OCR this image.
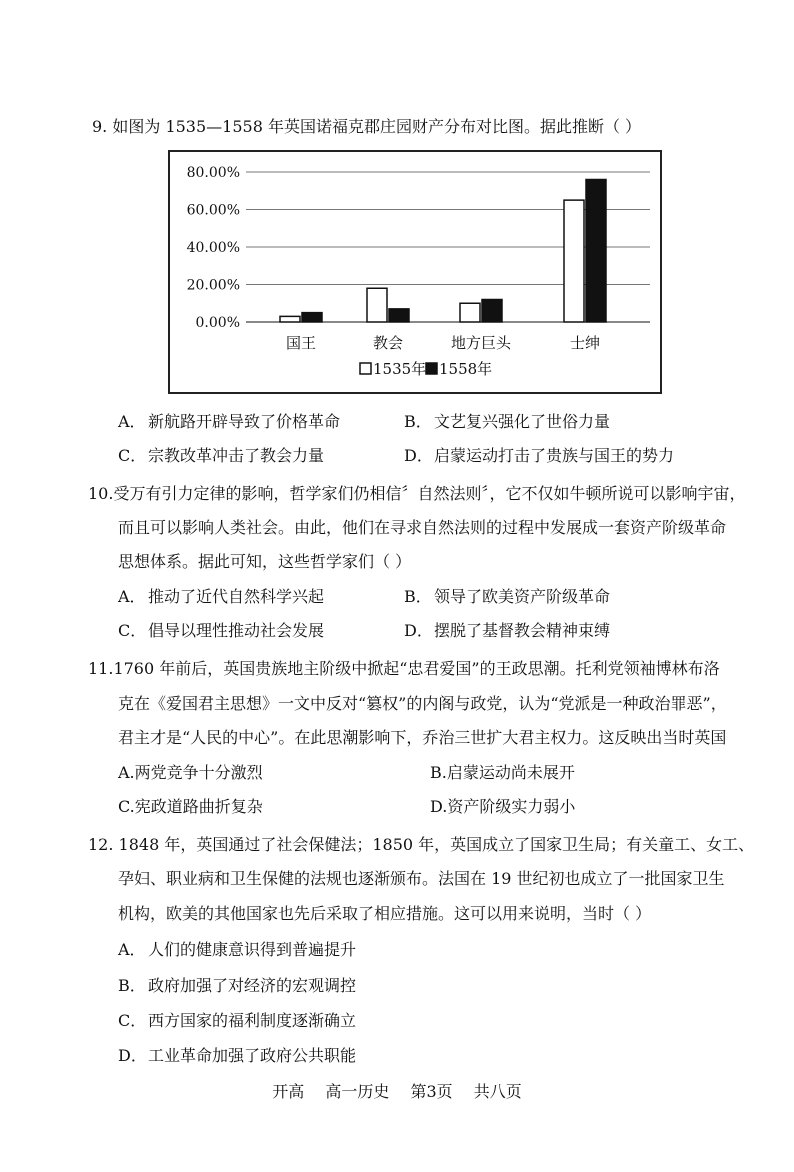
9. 如图为 1535—1558 年英国诺福克郡庄园财产分布对比图。据此推断（ ）
0.00%
20.00%
40.00%
60.00%
80.00%
国王	教会	地方巨头	士绅
1535年 1558年
A． 新航路开辟导致了价格革命	B． 文艺复兴强化了世俗力量
C． 宗教改革冲击了教会力量	D．启蒙运动打击了贵族与国王的势力
10.受万有引力定律的影响，哲学家们仍相信〞自然法则〞，它不仅如牛顿所说可以影响宇宙，
而且可以影响人类社会。由此，他们在寻求自然法则的过程中发展成一套资产阶级革命
思想体系。据此可知，这些哲学家们（ ）
A． 推动了近代自然科学兴起	B． 领导了欧美资产阶级革命
C． 倡导以理性推动社会发展	D．摆脱了基督教会精神束缚
11.1760 年前后，英国贵族地主阶级中掀起“忠君爱国”的王政思潮。托利党领袖博林布洛
克在《爱国君主思想》一文中反对“篡权”的内阁与政党，认为“党派是一种政治罪恶”，
君主才是“人民的中心”。在此思潮影响下，乔治三世扩大君主权力。这反映出当时英国
A.两党竞争十分激烈	B.启蒙运动尚未展开
C.宪政道路曲折复杂	D.资产阶级实力弱小
12. 1848 年，英国通过了社会保健法；1850 年，英国成立了国家卫生局；有关童工、女工、
孕妇、职业病和卫生保健的法规也逐渐颁布。法国在 19 世纪初也成立了一批国家卫生
机构，欧美的其他国家也先后采取了相应措施。这可以用来说明，当时（ ）
A． 人们的健康意识得到普遍提升
B． 政府加强了对经济的宏观调控
C． 西方国家的福利制度逐渐确立
D．工业革命加强了政府公共职能
开高 高一历史 第3页 共八页
